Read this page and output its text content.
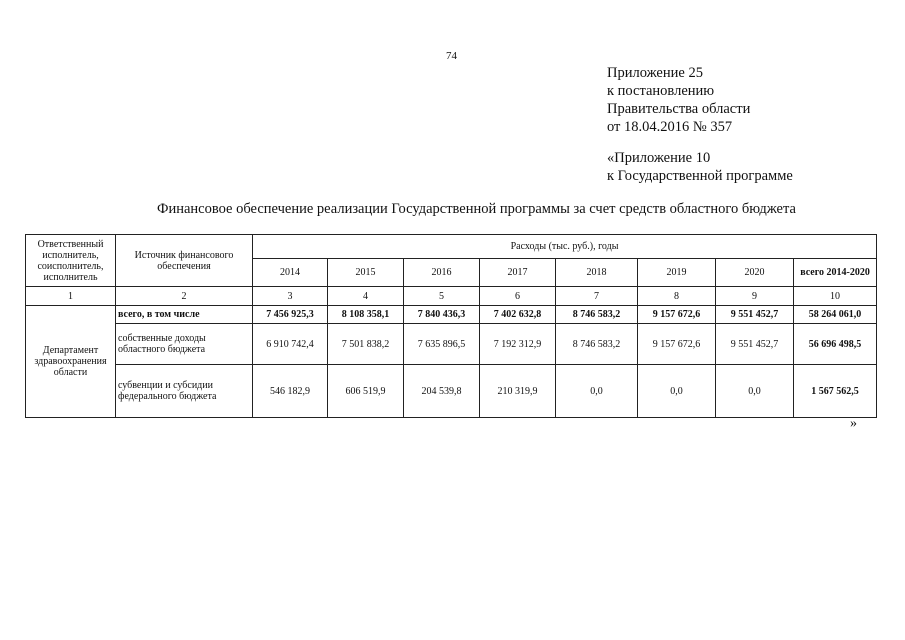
74
Приложение 25
к постановлению
Правительства области
от 18.04.2016 № 357
«Приложение 10
к Государственной программе
Финансовое обеспечение реализации Государственной программы за счет средств областного бюджета
Ответственный исполнитель, соисполнитель, исполнитель	Источник финансового обеспечения	Расходы (тыс. руб.), годы							
		2014	2015	2016	2017	2018	2019	2020	всего 2014-2020
1	2	3	4	5	6	7	8	9	10
Департамент здравоохранения области	всего, в том числе	7 456 925,3	8 108 358,1	7 840 436,3	7 402 632,8	8 746 583,2	9 157 672,6	9 551 452,7	58 264 061,0
	собственные доходы областного бюджета	6 910 742,4	7 501 838,2	7 635 896,5	7 192 312,9	8 746 583,2	9 157 672,6	9 551 452,7	56 696 498,5
	субвенции и субсидии федерального бюджета	546 182,9	606 519,9	204 539,8	210 319,9	0,0	0,0	0,0	1 567 562,5
»
